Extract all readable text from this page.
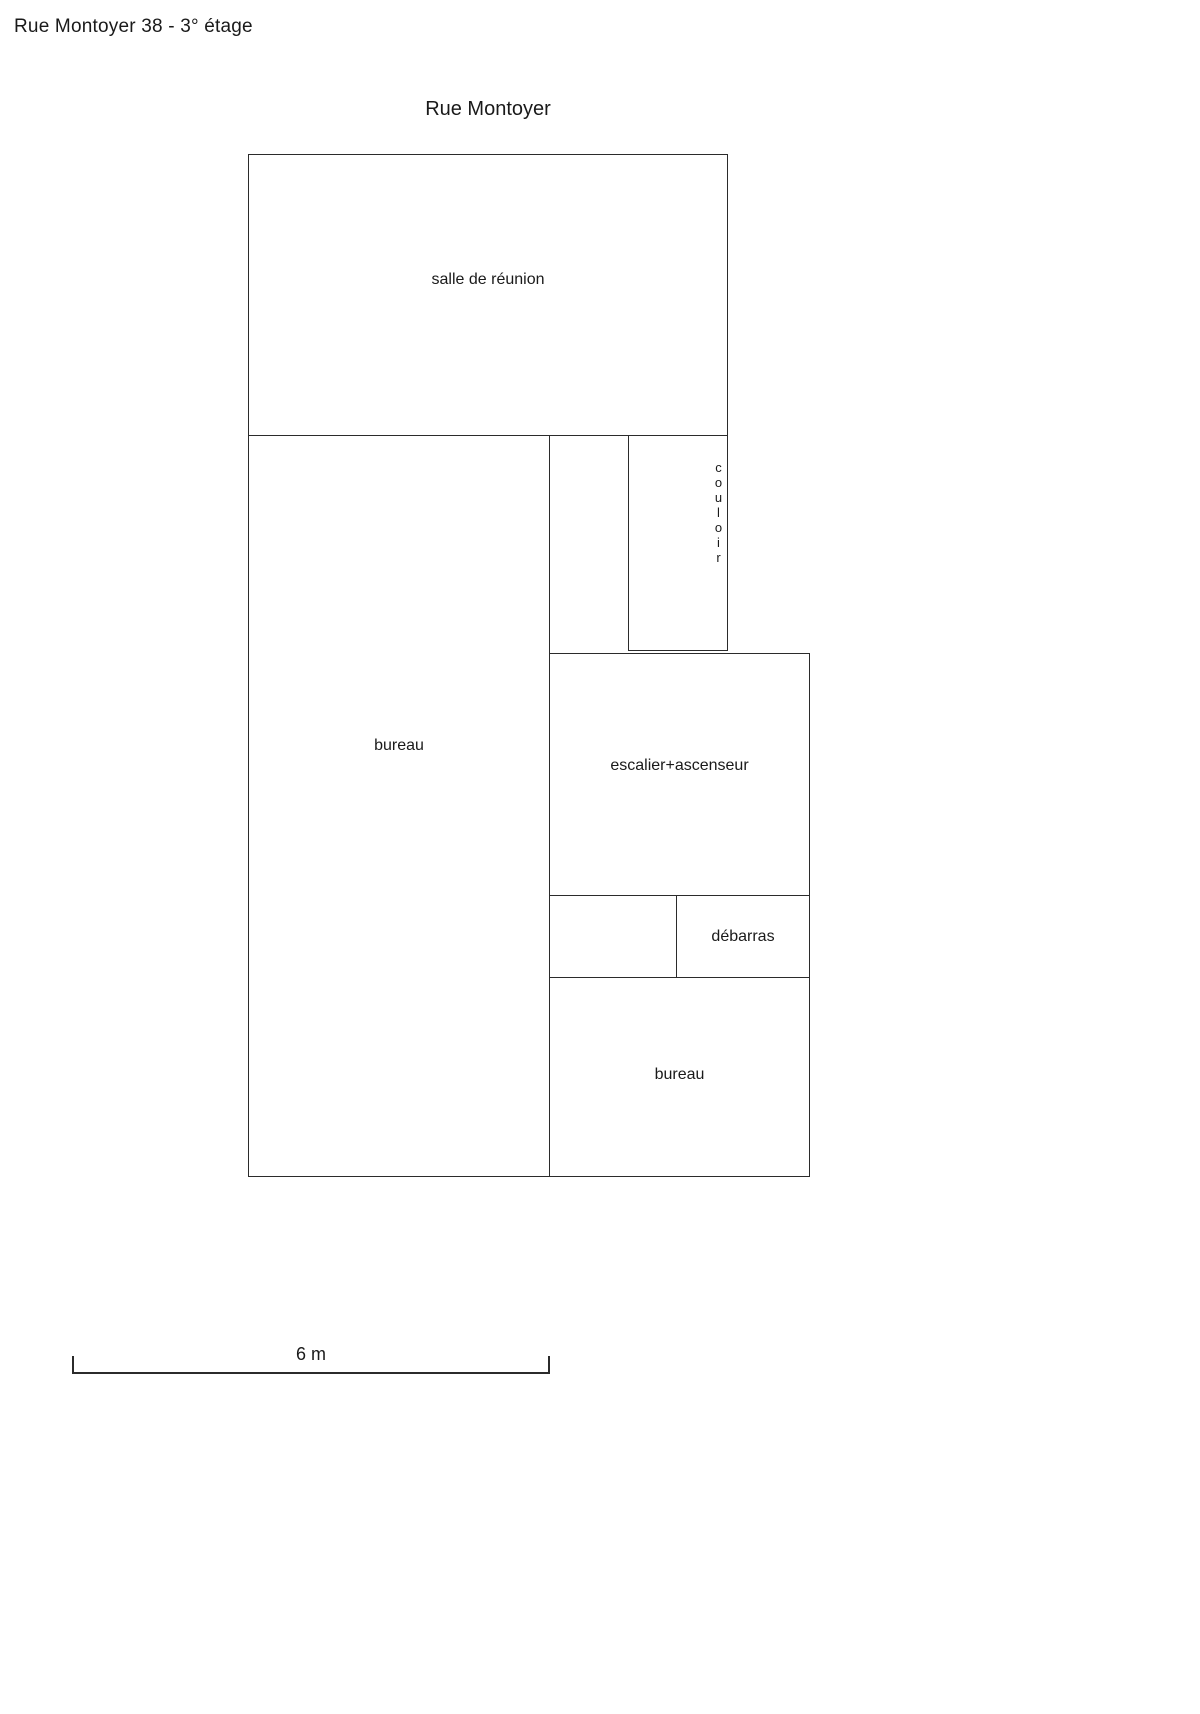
Rue Montoyer 38 - 3° étage
Rue Montoyer
salle de réunion
couloir
bureau
escalier+ascenseur
débarras
bureau
6 m
